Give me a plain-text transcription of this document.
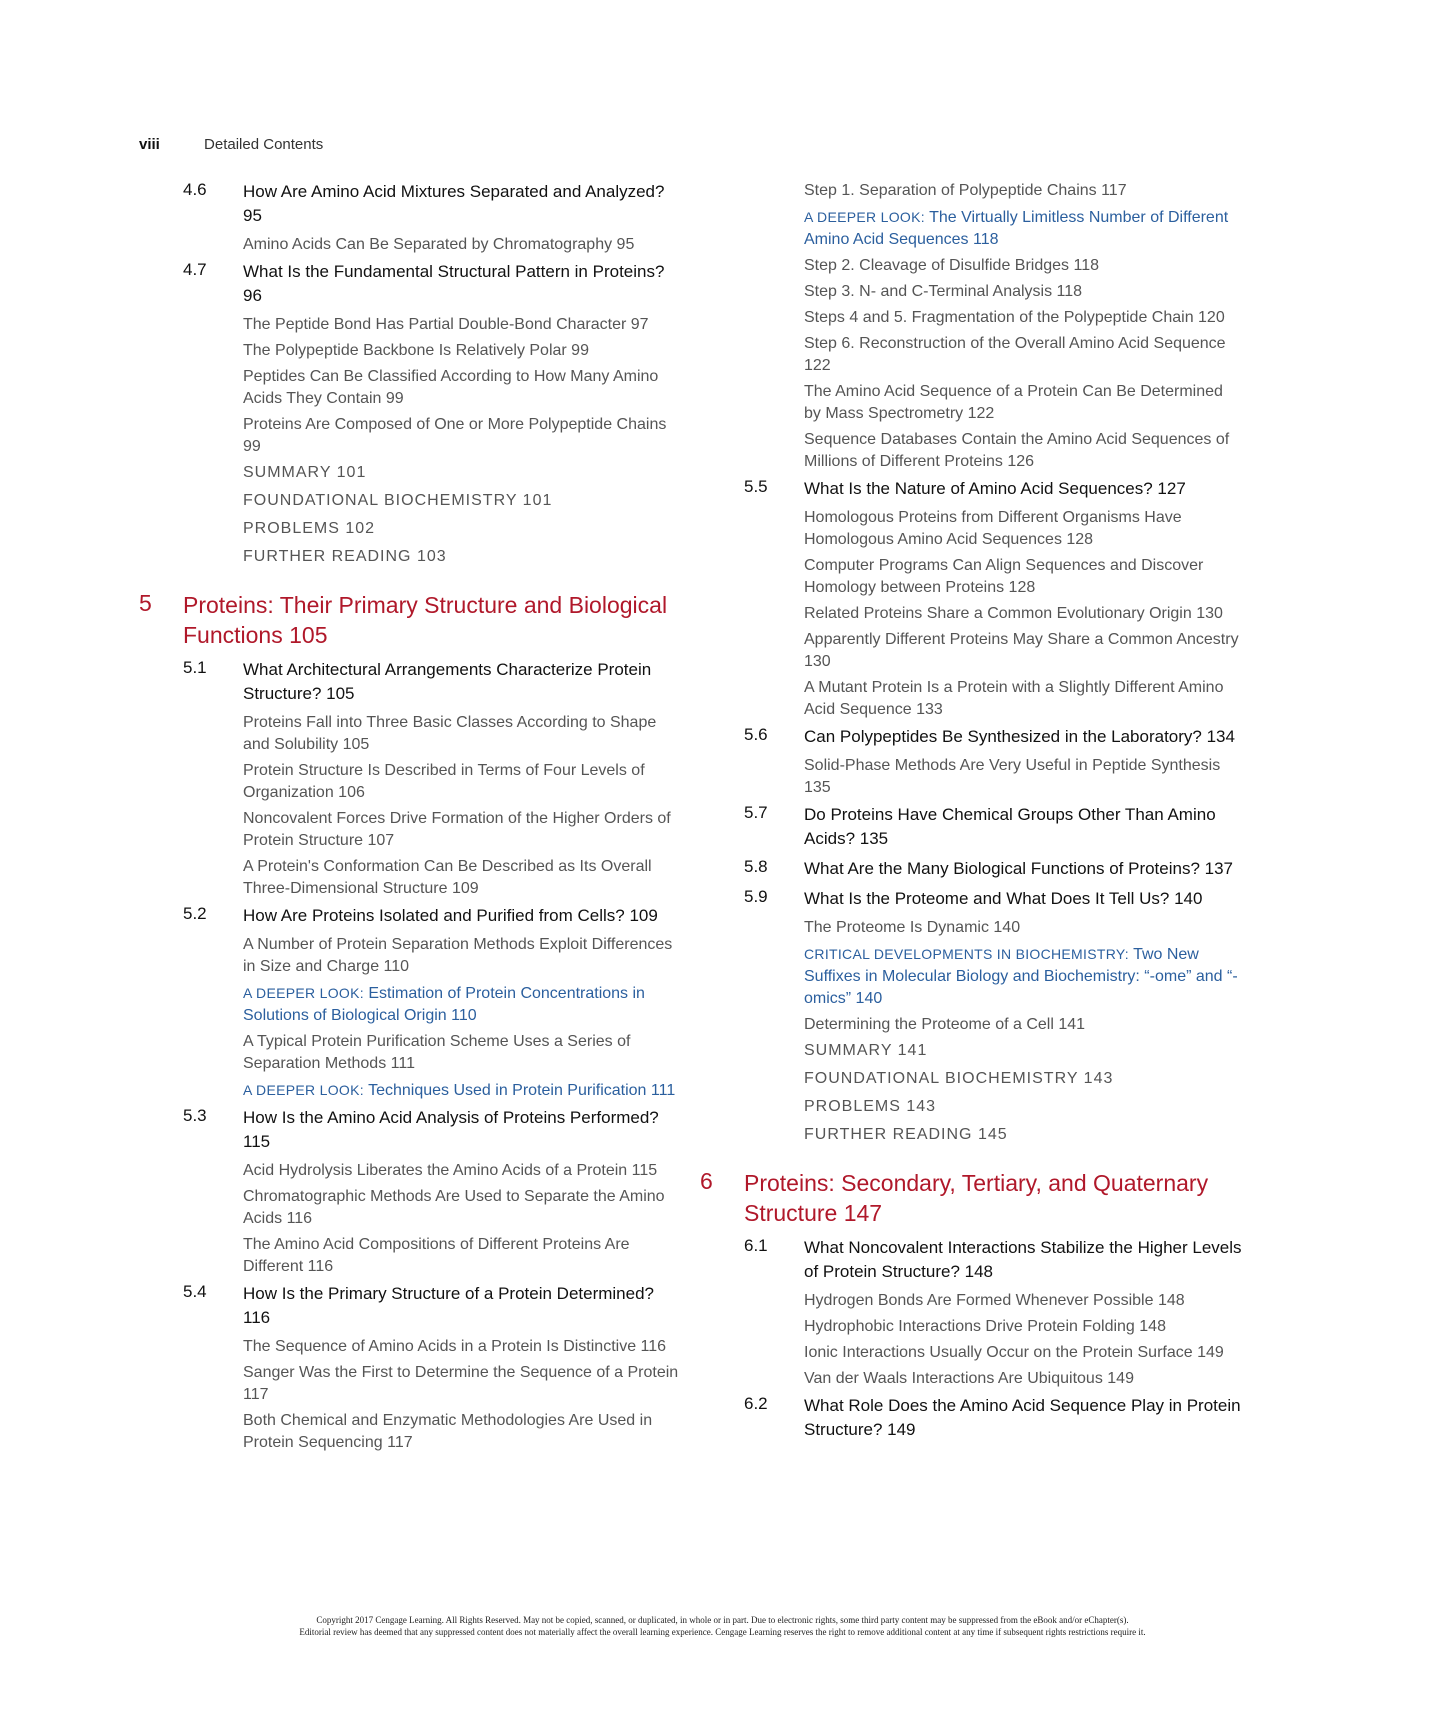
viii	Detailed Contents
4.6	How Are Amino Acid Mixtures Separated and Analyzed? 95
Amino Acids Can Be Separated by Chromatography 95
4.7	What Is the Fundamental Structural Pattern in Proteins? 96
The Peptide Bond Has Partial Double-Bond Character 97
The Polypeptide Backbone Is Relatively Polar 99
Peptides Can Be Classified According to How Many Amino Acids They Contain 99
Proteins Are Composed of One or More Polypeptide Chains 99
SUMMARY 101
FOUNDATIONAL BIOCHEMISTRY 101
PROBLEMS 102
FURTHER READING 103
5	Proteins: Their Primary Structure and Biological Functions 105
5.1	What Architectural Arrangements Characterize Protein Structure? 105
Proteins Fall into Three Basic Classes According to Shape and Solubility 105
Protein Structure Is Described in Terms of Four Levels of Organization 106
Noncovalent Forces Drive Formation of the Higher Orders of Protein Structure 107
A Protein's Conformation Can Be Described as Its Overall Three-Dimensional Structure 109
5.2	How Are Proteins Isolated and Purified from Cells? 109
A Number of Protein Separation Methods Exploit Differences in Size and Charge 110
A DEEPER LOOK: Estimation of Protein Concentrations in Solutions of Biological Origin 110
A Typical Protein Purification Scheme Uses a Series of Separation Methods 111
A DEEPER LOOK: Techniques Used in Protein Purification 111
5.3	How Is the Amino Acid Analysis of Proteins Performed? 115
Acid Hydrolysis Liberates the Amino Acids of a Protein 115
Chromatographic Methods Are Used to Separate the Amino Acids 116
The Amino Acid Compositions of Different Proteins Are Different 116
5.4	How Is the Primary Structure of a Protein Determined? 116
The Sequence of Amino Acids in a Protein Is Distinctive 116
Sanger Was the First to Determine the Sequence of a Protein 117
Both Chemical and Enzymatic Methodologies Are Used in Protein Sequencing 117
Step 1. Separation of Polypeptide Chains 117
A DEEPER LOOK: The Virtually Limitless Number of Different Amino Acid Sequences 118
Step 2. Cleavage of Disulfide Bridges 118
Step 3. N- and C-Terminal Analysis 118
Steps 4 and 5. Fragmentation of the Polypeptide Chain 120
Step 6. Reconstruction of the Overall Amino Acid Sequence 122
The Amino Acid Sequence of a Protein Can Be Determined by Mass Spectrometry 122
Sequence Databases Contain the Amino Acid Sequences of Millions of Different Proteins 126
5.5	What Is the Nature of Amino Acid Sequences? 127
Homologous Proteins from Different Organisms Have Homologous Amino Acid Sequences 128
Computer Programs Can Align Sequences and Discover Homology between Proteins 128
Related Proteins Share a Common Evolutionary Origin 130
Apparently Different Proteins May Share a Common Ancestry 130
A Mutant Protein Is a Protein with a Slightly Different Amino Acid Sequence 133
5.6	Can Polypeptides Be Synthesized in the Laboratory? 134
Solid-Phase Methods Are Very Useful in Peptide Synthesis 135
5.7	Do Proteins Have Chemical Groups Other Than Amino Acids? 135
5.8	What Are the Many Biological Functions of Proteins? 137
5.9	What Is the Proteome and What Does It Tell Us? 140
The Proteome Is Dynamic 140
CRITICAL DEVELOPMENTS IN BIOCHEMISTRY: Two New Suffixes in Molecular Biology and Biochemistry: “-ome” and “-omics” 140
Determining the Proteome of a Cell 141
SUMMARY 141
FOUNDATIONAL BIOCHEMISTRY 143
PROBLEMS 143
FURTHER READING 145
6	Proteins: Secondary, Tertiary, and Quaternary Structure 147
6.1	What Noncovalent Interactions Stabilize the Higher Levels of Protein Structure? 148
Hydrogen Bonds Are Formed Whenever Possible 148
Hydrophobic Interactions Drive Protein Folding 148
Ionic Interactions Usually Occur on the Protein Surface 149
Van der Waals Interactions Are Ubiquitous 149
6.2	What Role Does the Amino Acid Sequence Play in Protein Structure? 149
Copyright 2017 Cengage Learning. All Rights Reserved. May not be copied, scanned, or duplicated, in whole or in part. Due to electronic rights, some third party content may be suppressed from the eBook and/or eChapter(s).
Editorial review has deemed that any suppressed content does not materially affect the overall learning experience. Cengage Learning reserves the right to remove additional content at any time if subsequent rights restrictions require it.
